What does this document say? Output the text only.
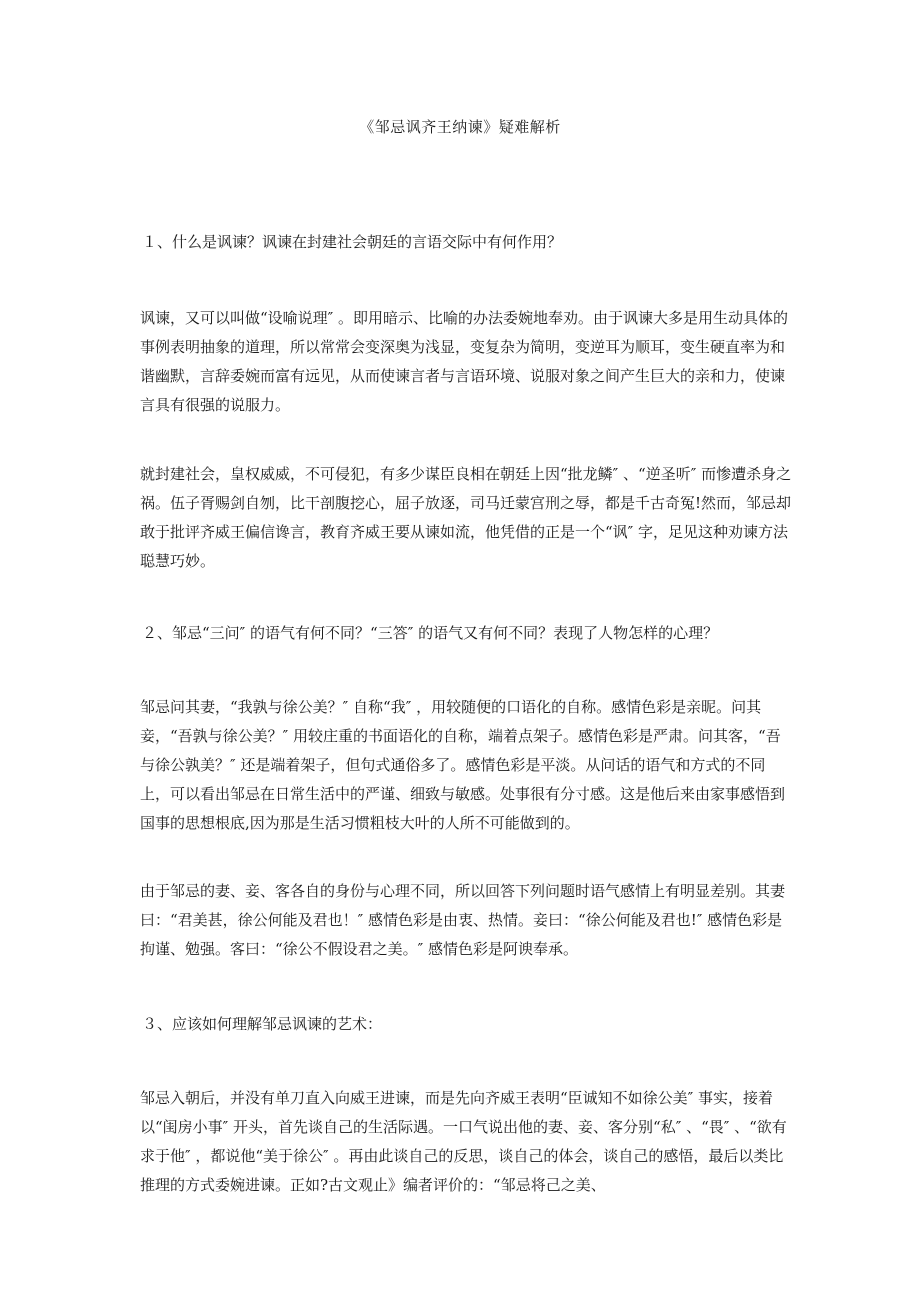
《邹忌讽齐王纳谏》疑难解析

１、什么是讽谏？讽谏在封建社会朝廷的言语交际中有何作用？

讽谏，又可以叫做“设喻说理″ 。即用暗示、比喻的办法委婉地奉劝。由于讽谏大多是用生动具体的事例表明抽象的道理，所以常常会变深奥为浅显，变复杂为简明，变逆耳为顺耳，变生硬直率为和谐幽默，言辞委婉而富有远见，从而使谏言者与言语环境、说服对象之间产生巨大的亲和力，使谏言具有很强的说服力。

就封建社会，皇权威威，不可侵犯，有多少谋臣良相在朝廷上因“批龙鳞″ 、“逆圣听″ 而惨遭杀身之祸。伍子胥赐剑自刎，比干剖腹挖心，屈子放逐，司马迁蒙宫刑之辱，都是千古奇冤!然而，邹忌却敢于批评齐威王偏信谗言，教育齐威王要从谏如流，他凭借的正是一个“讽″ 字，足见这种劝谏方法聪慧巧妙。

２、邹忌“三问″ 的语气有何不同？“三答″ 的语气又有何不同？表现了人物怎样的心理？

邹忌问其妻，“我孰与徐公美？″ 自称“我″ ，用较随便的口语化的自称。感情色彩是亲昵。问其妾，“吾孰与徐公美？″ 用较庄重的书面语化的自称，端着点架子。感情色彩是严肃。问其客，“吾与徐公孰美？″ 还是端着架子，但句式通俗多了。感情色彩是平淡。从问话的语气和方式的不同上，可以看出邹忌在日常生活中的严谨、细致与敏感。处事很有分寸感。这是他后来由家事感悟到国事的思想根底,因为那是生活习惯粗枝大叶的人所不可能做到的。

由于邹忌的妻、妾、客各自的身份与心理不同，所以回答下列问题时语气感情上有明显差别。其妻曰：“君美甚，徐公何能及君也！″ 感情色彩是由衷、热情。妾曰：“徐公何能及君也!″ 感情色彩是拘谨、勉强。客曰：“徐公不假设君之美。″ 感情色彩是阿谀奉承。

３、应该如何理解邹忌讽谏的艺术：

邹忌入朝后，并没有单刀直入向威王进谏，而是先向齐威王表明“臣诚知不如徐公美″ 事实，接着以“闺房小事″ 开头，首先谈自己的生活际遇。一口气说出他的妻、妾、客分别“私″ 、“畏″ 、“欲有求于他″ ，都说他“美于徐公″ 。再由此谈自己的反思，谈自己的体会，谈自己的感悟，最后以类比推理的方式委婉进谏。正如?古文观止》编者评价的：“邹忌将己之美、
